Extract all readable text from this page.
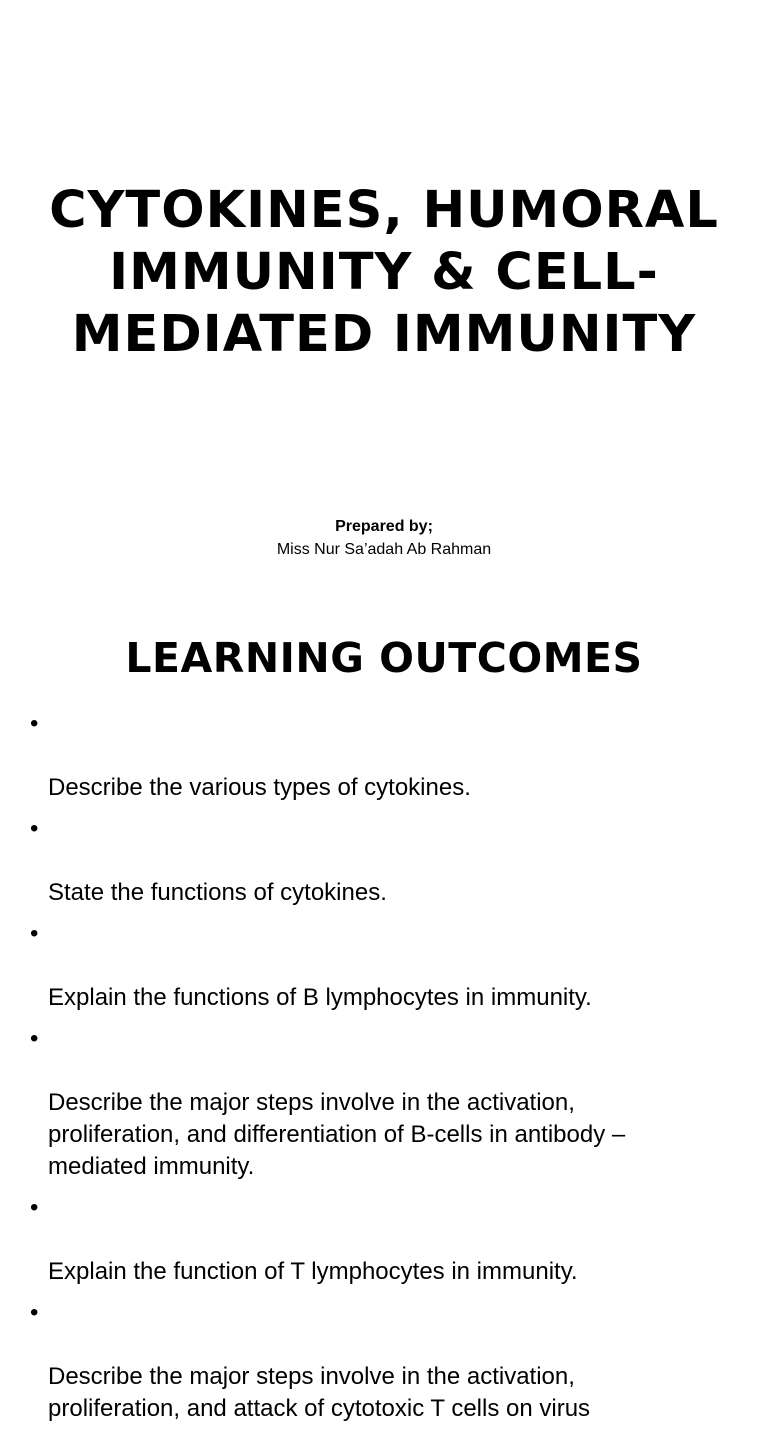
CYTOKINES, HUMORAL
IMMUNITY & CELL-
MEDIATED IMMUNITY
Prepared by;
Miss Nur Sa’adah Ab Rahman
LEARNING OUTCOMES

•

Describe the various types of cytokines.

•

State the functions of cytokines.

•

Explain the functions of B lymphocytes in immunity.

•

Describe the major steps involve in the activation,
proliferation, and differentiation of B-cells in antibody –
mediated immunity.

•

Explain the function of T lymphocytes in immunity.

•

Describe the major steps involve in the activation,
proliferation, and attack of cytotoxic T cells on virus
